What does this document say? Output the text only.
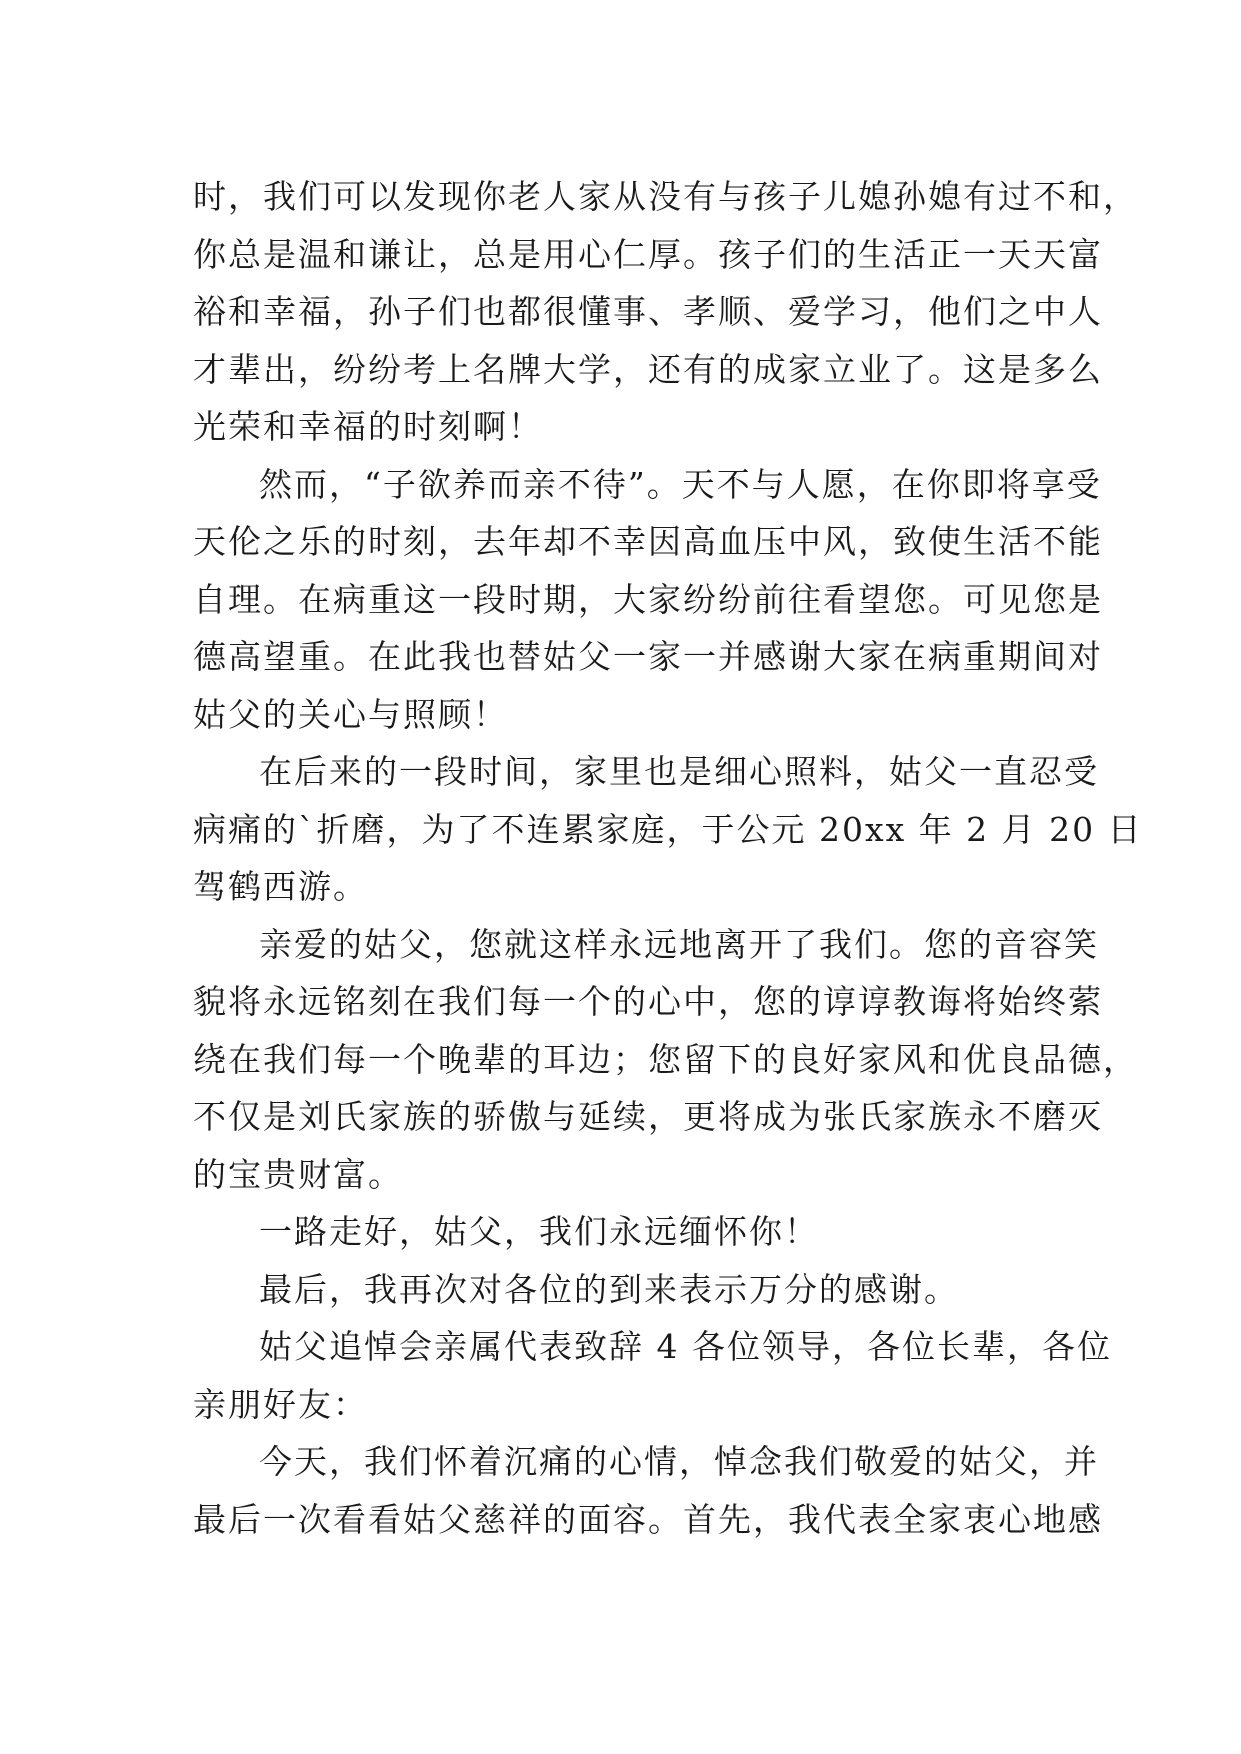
时，我们可以发现你老人家从没有与孩子儿媳孙媳有过不和，
你总是温和谦让，总是用心仁厚。孩子们的生活正一天天富
裕和幸福，孙子们也都很懂事、孝顺、爱学习，他们之中人
才辈出，纷纷考上名牌大学，还有的成家立业了。这是多么
光荣和幸福的时刻啊！
然而，“子欲养而亲不待”。天不与人愿，在你即将享受
天伦之乐的时刻，去年却不幸因高血压中风，致使生活不能
自理。在病重这一段时期，大家纷纷前往看望您。可见您是
德高望重。在此我也替姑父一家一并感谢大家在病重期间对
姑父的关心与照顾！
在后来的一段时间，家里也是细心照料，姑父一直忍受
病痛的`折磨，为了不连累家庭，于公元 20xx 年 2 月 20 日
驾鹤西游。
亲爱的姑父，您就这样永远地离开了我们。您的音容笑
貌将永远铭刻在我们每一个的心中，您的谆谆教诲将始终萦
绕在我们每一个晚辈的耳边；您留下的良好家风和优良品德，
不仅是刘氏家族的骄傲与延续，更将成为张氏家族永不磨灭
的宝贵财富。
一路走好，姑父，我们永远缅怀你！
最后，我再次对各位的到来表示万分的感谢。
姑父追悼会亲属代表致辞 4 各位领导，各位长辈，各位
亲朋好友：
今天，我们怀着沉痛的心情，悼念我们敬爱的姑父，并
最后一次看看姑父慈祥的面容。首先，我代表全家衷心地感
